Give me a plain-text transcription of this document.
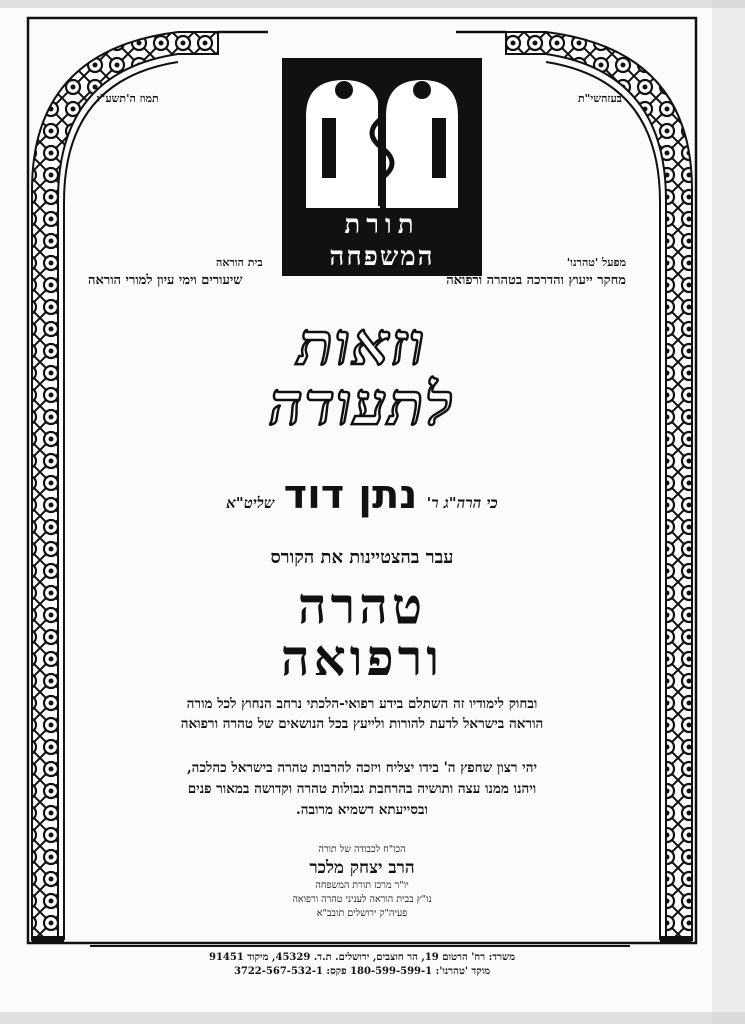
תמוז ה'תשע"ג	בעזהשי"ת
תורת
המשפחה
בית הוראה
שיעורים וימי עיון למורי הוראה
מפעל 'טהרנו'
מחקר ייעוץ והדרכה בטהרה ורפואה
וזאות
לתעודה
כי הרה"ג ר' נתן דוד שליט"א
עבר בהצטיינות את הקורס
טהרה
ורפואה
ובחוק לימודיו זה השתלם בידע רפואי-הלכתי נרחב הנחוץ לכל מורה
הוראה בישראל לדעת להורות ולייעץ בכל הנושאים של טהרה ורפואה
יהי רצון שחפץ ה' בידו יצליח ויזכה להרבות טהרה בישראל כהלכה,
ויהנו ממנו עצה ותושיה בהרחבת גבולות טהרה וקדושה במאור פנים
ובסייעתא דשמיא מרובה.
הכו"ח לכבודה של תורה
הרב יצחק מלכר
יו"ר מרכז תורת המשפחה
נו"ץ בבית הוראה לעניני טהרה ורפואה
פעיה"ק ירושלים תובב"א
משרד: רח' הרטום 19, הר חוצבים, ירושלים. ת.ד. 45329, מיקוד 91451
מוקד 'טהרנו': 180-599-599-1 פקס: 3722-567-532-1
